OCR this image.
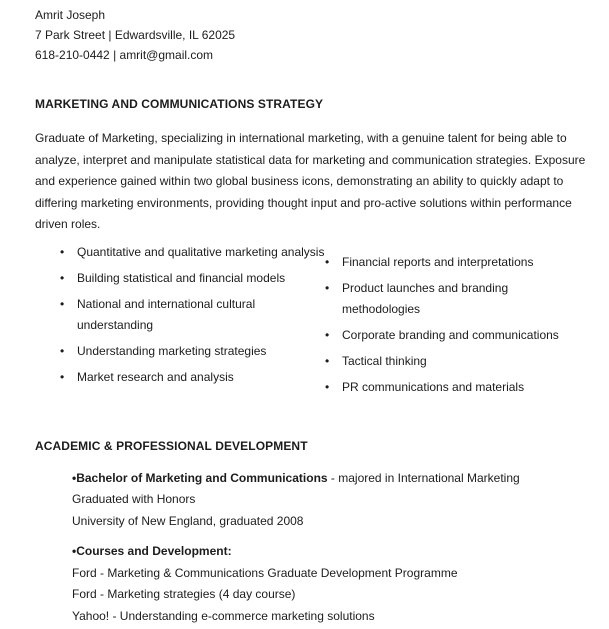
Amrit Joseph
7 Park Street | Edwardsville, IL 62025
618-210-0442 | amrit@gmail.com
MARKETING AND COMMUNICATIONS STRATEGY
Graduate of Marketing, specializing in international marketing, with a genuine talent for being able to analyze, interpret and manipulate statistical data for marketing and communication strategies. Exposure and experience gained within two global business icons, demonstrating an ability to quickly adapt to differing marketing environments, providing thought input and pro-active solutions within performance driven roles.
•
Quantitative and qualitative marketing analysis
•
Building statistical and financial models
•
National and international cultural understanding
•
Understanding marketing strategies
•
Market research and analysis
•
Financial reports and interpretations
•
Product launches and branding methodologies
•
Corporate branding and communications
•
Tactical thinking
•
PR communications and materials
ACADEMIC & PROFESSIONAL DEVELOPMENT
• Bachelor of Marketing and Communications - majored in International Marketing
Graduated with Honors
University of New England, graduated 2008
• Courses and Development:
Ford - Marketing & Communications Graduate Development Programme
Ford - Marketing strategies (4 day course)
Yahoo! - Understanding e-commerce marketing solutions
